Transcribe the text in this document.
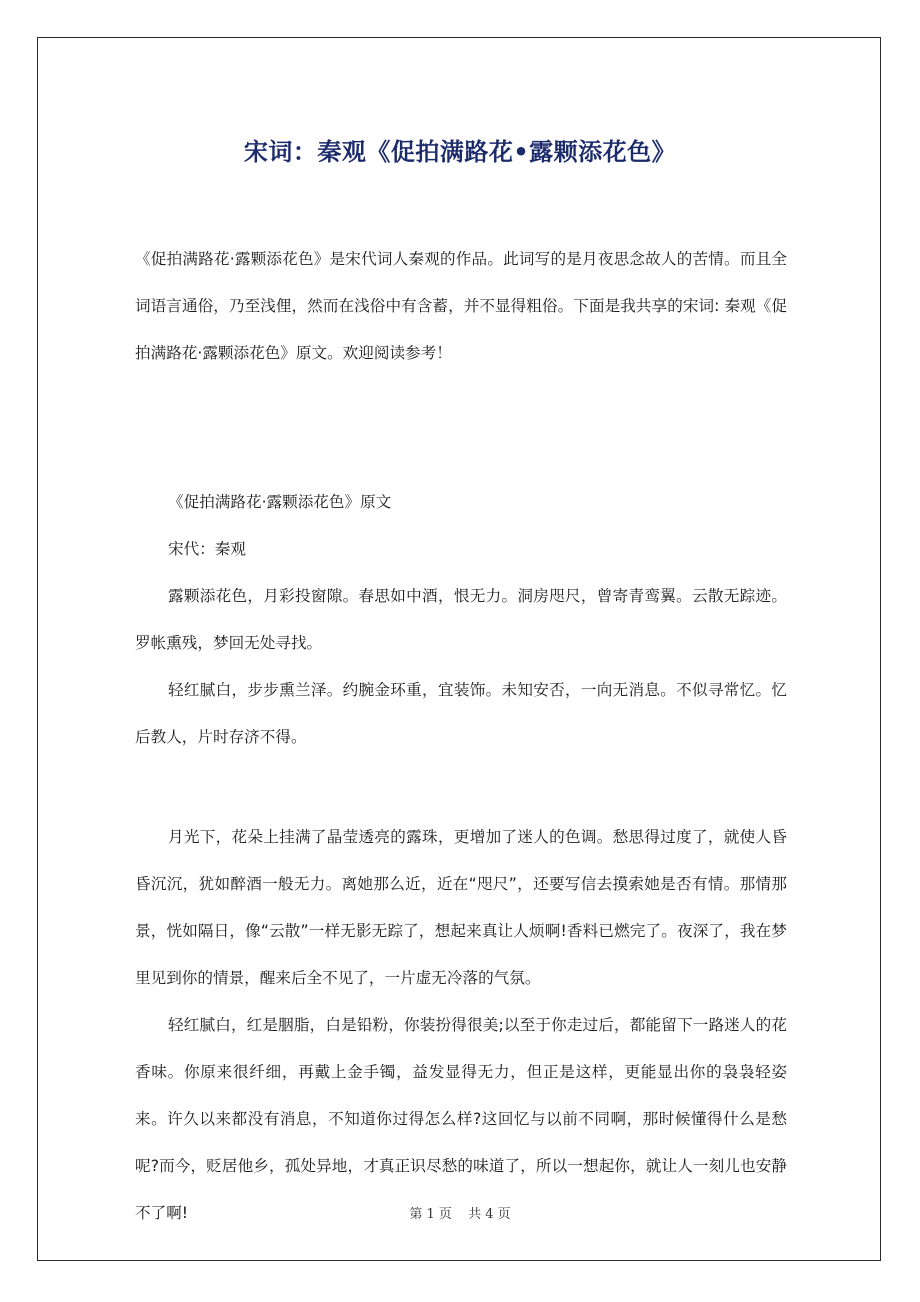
宋词：秦观《促拍满路花•露颗添花色》

《促拍满路花·露颗添花色》是宋代词人秦观的作品。此词写的是月夜思念故人的苦情。而且全词语言通俗，乃至浅俚，然而在浅俗中有含蓄，并不显得粗俗。下面是我共享的宋词: 秦观《促拍满路花·露颗添花色》原文。欢迎阅读参考！

《促拍满路花·露颗添花色》原文

宋代：秦观

露颗添花色，月彩投窗隙。春思如中酒，恨无力。洞房咫尺，曾寄青鸾翼。云散无踪迹。罗帐熏残，梦回无处寻找。

轻红腻白，步步熏兰泽。约腕金环重，宜装饰。未知安否，一向无消息。不似寻常忆。忆后教人，片时存济不得。

月光下，花朵上挂满了晶莹透亮的露珠，更增加了迷人的色调。愁思得过度了，就使人昏昏沉沉，犹如醉酒一般无力。离她那么近，近在“咫尺”，还要写信去摸索她是否有情。那情那景，恍如隔日，像“云散”一样无影无踪了，想起来真让人烦啊!香料已燃完了。夜深了，我在梦里见到你的情景，醒来后全不见了，一片虚无冷落的气氛。

轻红腻白，红是胭脂，白是铅粉，你装扮得很美;以至于你走过后，都能留下一路迷人的花香味。你原来很纤细，再戴上金手镯，益发显得无力，但正是这样，更能显出你的袅袅轻姿来。许久以来都没有消息，不知道你过得怎么样?这回忆与以前不同啊，那时候懂得什么是愁呢?而今，贬居他乡，孤处异地，才真正识尽愁的味道了，所以一想起你，就让人一刻儿也安静不了啊!	第 1 页 共 4 页
